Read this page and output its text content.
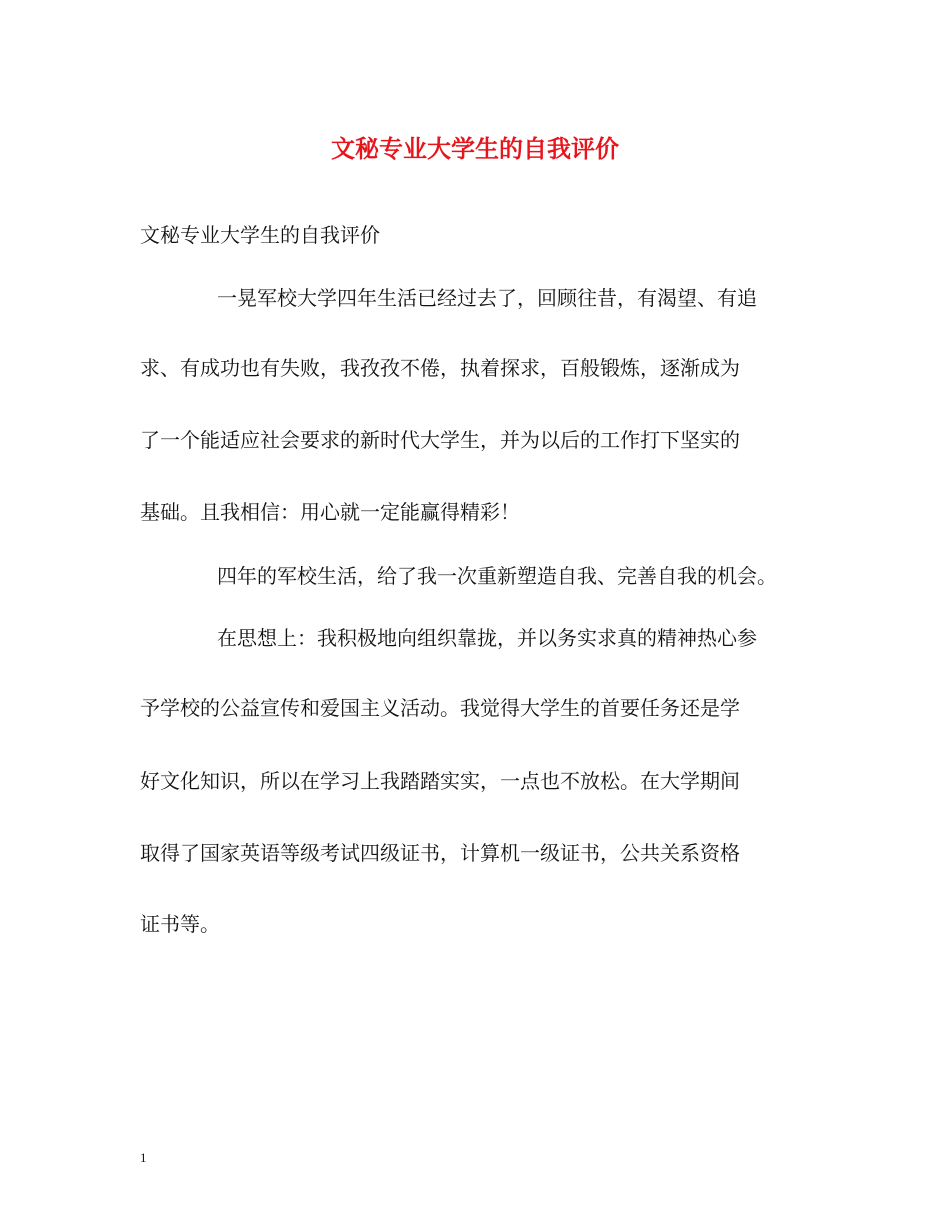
文秘专业大学生的自我评价
文秘专业大学生的自我评价
一晃军校大学四年生活已经过去了，回顾往昔，有渴望、有追
求、有成功也有失败，我孜孜不倦，执着探求，百般锻炼，逐渐成为
了一个能适应社会要求的新时代大学生，并为以后的工作打下坚实的
基础。且我相信：用心就一定能赢得精彩！
四年的军校生活，给了我一次重新塑造自我、完善自我的机会。
在思想上：我积极地向组织靠拢，并以务实求真的精神热心参
予学校的公益宣传和爱国主义活动。我觉得大学生的首要任务还是学
好文化知识，所以在学习上我踏踏实实，一点也不放松。在大学期间
取得了国家英语等级考试四级证书，计算机一级证书，公共关系资格
证书等。
1
